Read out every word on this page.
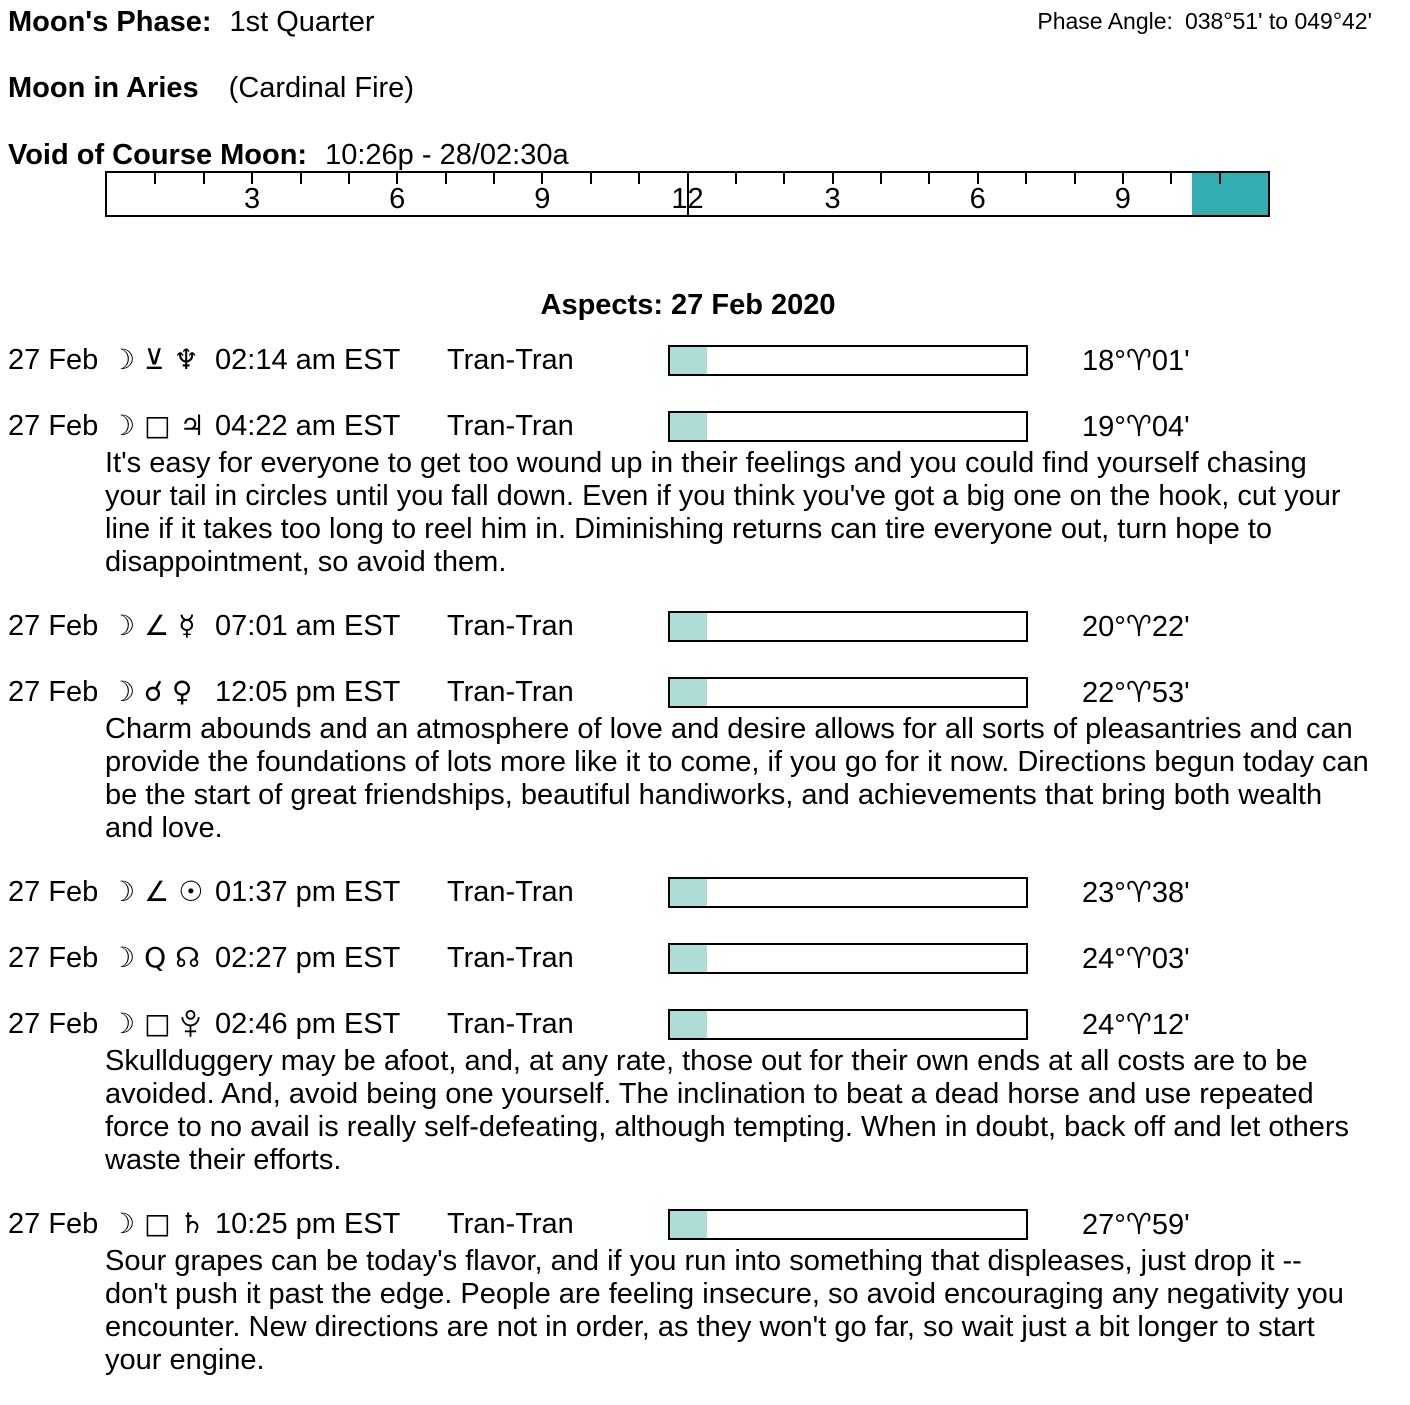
Moon's Phase: 1st Quarter	Phase Angle: 038°51' to 049°42'
Moon in Aries (Cardinal Fire)
Void of Course Moon: 10:26p - 28/02:30a
3	6	9	12	3	6	9
Aspects: 27 Feb 2020
27 Feb ☽ ⊻ ♆ 02:14 am EST	Tran-Tran	18°♈01'
27 Feb ☽ □ ♃ 04:22 am EST	Tran-Tran	19°♈04'

It's easy for everyone to get too wound up in their feelings and you could find yourself chasing your tail in circles until you fall down. Even if you think you've got a big one on the hook, cut your line if it takes too long to reel him in. Diminishing returns can tire everyone out, turn hope to disappointment, so avoid them.

27 Feb ☽ ∠ ☿ 07:01 am EST	Tran-Tran	20°♈22'
27 Feb ☽ ☌ ♀ 12:05 pm EST	Tran-Tran	22°♈53'

Charm abounds and an atmosphere of love and desire allows for all sorts of pleasantries and can provide the foundations of lots more like it to come, if you go for it now. Directions begun today can be the start of great friendships, beautiful handiworks, and achievements that bring both wealth and love.

27 Feb ☽ ∠ ☉ 01:37 pm EST	Tran-Tran	23°♈38'
27 Feb ☽ Q ☊ 02:27 pm EST	Tran-Tran	24°♈03'
27 Feb ☽ □ 02:46 pm EST	Tran-Tran	24°♈12'

Skullduggery may be afoot, and, at any rate, those out for their own ends at all costs are to be avoided. And, avoid being one yourself. The inclination to beat a dead horse and use repeated force to no avail is really self-defeating, although tempting. When in doubt, back off and let others waste their efforts.

27 Feb ☽ □ ♄ 10:25 pm EST	Tran-Tran	27°♈59'

Sour grapes can be today's flavor, and if you run into something that displeases, just drop it -- don't push it past the edge. People are feeling insecure, so avoid encouraging any negativity you encounter. New directions are not in order, as they won't go far, so wait just a bit longer to start your engine.
